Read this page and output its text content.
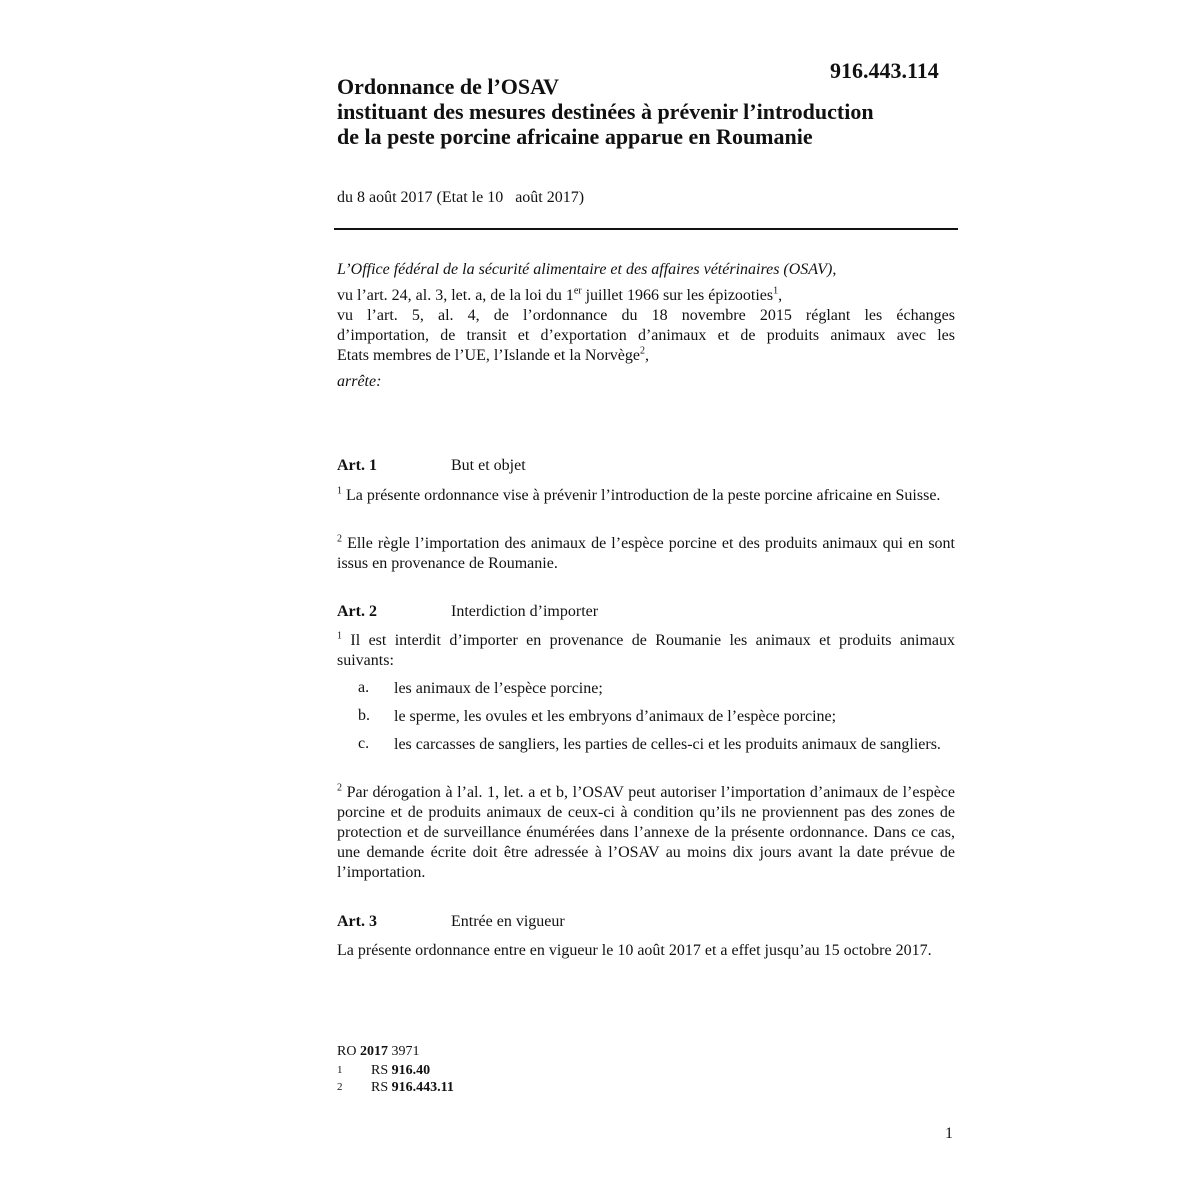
916.443.114
Ordonnance de l’OSAV
instituant des mesures destinées à prévenir l’introduction
de la peste porcine africaine apparue en Roumanie
du 8 août 2017 (Etat le 10   août 2017)
L’Office fédéral de la sécurité alimentaire et des affaires vétérinaires (OSAV),
vu l’art. 24, al. 3, let. a, de la loi du 1er juillet 1966 sur les épizooties$^1$,
vu l’art. 5, al. 4, de l’ordonnance du 18 novembre 2015 réglant les échanges
d’importation, de transit et d’exportation d’animaux et de produits animaux avec les
Etats membres de l’UE, l’Islande et la Norvège$^2$,
arrête:
Art. 1	But et objet
$^1$ La présente ordonnance vise à prévenir l’introduction de la peste porcine africaine en Suisse.
$^2$ Elle règle l’importation des animaux de l’espèce porcine et des produits animaux qui en sont issus en provenance de Roumanie.
Art. 2	Interdiction d’importer
$^1$ Il est interdit d’importer en provenance de Roumanie les animaux et produits animaux suivants:
a. les animaux de l’espèce porcine;
b. le sperme, les ovules et les embryons d’animaux de l’espèce porcine;
c. les carcasses de sangliers, les parties de celles-ci et les produits animaux de sangliers.
$^2$ Par dérogation à l’al. 1, let. a et b, l’OSAV peut autoriser l’importation d’animaux de l’espèce porcine et de produits animaux de ceux-ci à condition qu’ils ne proviennent pas des zones de protection et de surveillance énumérées dans l’annexe de la présente ordonnance. Dans ce cas, une demande écrite doit être adressée à l’OSAV au moins dix jours avant la date prévue de l’importation.
Art. 3	Entrée en vigueur
La présente ordonnance entre en vigueur le 10 août 2017 et a effet jusqu’au 15 octobre 2017.
RO 2017 3971
1 RS 916.40
2 RS 916.443.11
1
